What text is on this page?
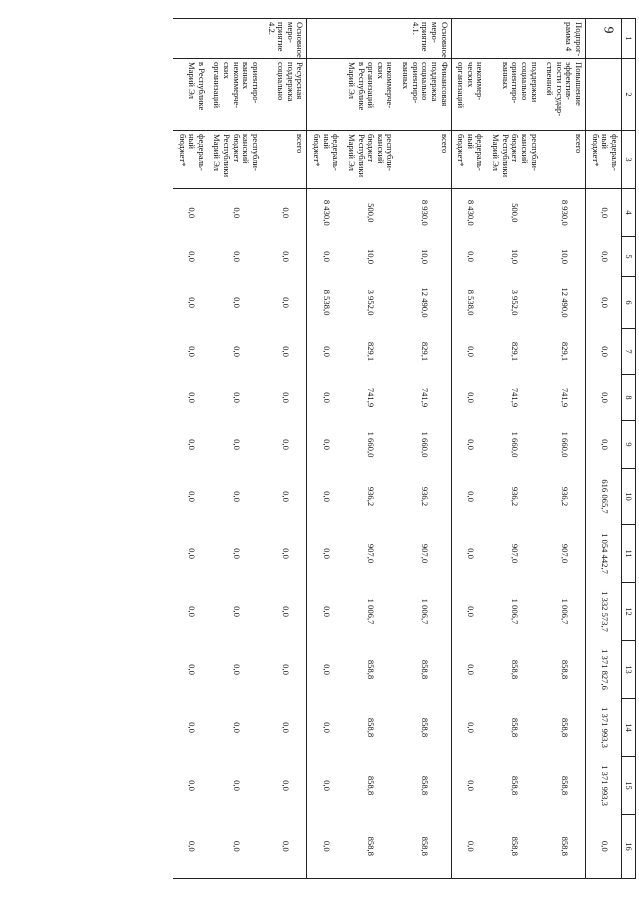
9
1	2	3	4	5	6	7	8	9	10	11	12	13	14	15	16
		федераль-
ный
бюджет*	0,0	0,0	0,0	0,0	0,0	0,0	616 065,7	1 054 442,7	1 332 573,7	1 371 827,6	1 371 993,3	1 371 993,3	0,0
Подпрог-
рамма 4	Повышение
эффектив-
ности государ-
ственной	всего	8 930,0	10,0	12 490,0	829,1	741,9	1 660,0	936,2	907,0	1 006,7	858,8	858,8	858,8	858,8
	поддержки
социально
ориентиро-
ванных	республи-
канский
бюджет
Республики
Марий Эл	500,0	10,0	3 952,0	829,1	741,9	1 660,0	936,2	907,0	1 006,7	858,8	858,8	858,8	858,8
	некоммер-
ческих
организаций	федераль-
ный
бюджет*	8 430,0	0,0	8 538,0	0,0	0,0	0,0	0,0	0,0	0,0	0,0	0,0	0,0	0,0
Основное
меро-
приятие
4.1.	Финансовая
поддержка
социально
ориентиро-
ванных	всего	8 930,0	10,0	12 490,0	829,1	741,9	1 660,0	936,2	907,0	1 006,7	858,8	858,8	858,8	858,8
	некоммерче-
ских
организаций
в Республике
Марий Эл	республи-
канский
бюджет
Республики
Марий Эл	500,0	10,0	3 952,0	829,1	741,9	1 660,0	936,2	907,0	1 006,7	858,8	858,8	858,8	858,8
		федераль-
ный
бюджет*	8 430,0	0,0	8 538,0	0,0	0,0	0,0	0,0	0,0	0,0	0,0	0,0	0,0	0,0
Основное
меро-
приятие
4.2.	Ресурсная
поддержка
социально	всего	0,0	0,0	0,0	0,0	0,0	0,0	0,0	0,0	0,0	0,0	0,0	0,0	0,0
	ориентиро-
ванных
некоммерче-
ских
организаций	республи-
канский
бюджет
Республики
Марий Эл	0,0	0,0	0,0	0,0	0,0	0,0	0,0	0,0	0,0	0,0	0,0	0,0	0,0
	в Республике
Марий Эл	федераль-
ный
бюджет*	0,0	0,0	0,0	0,0	0,0	0,0	0,0	0,0	0,0	0,0	0,0	0,0	0,0
